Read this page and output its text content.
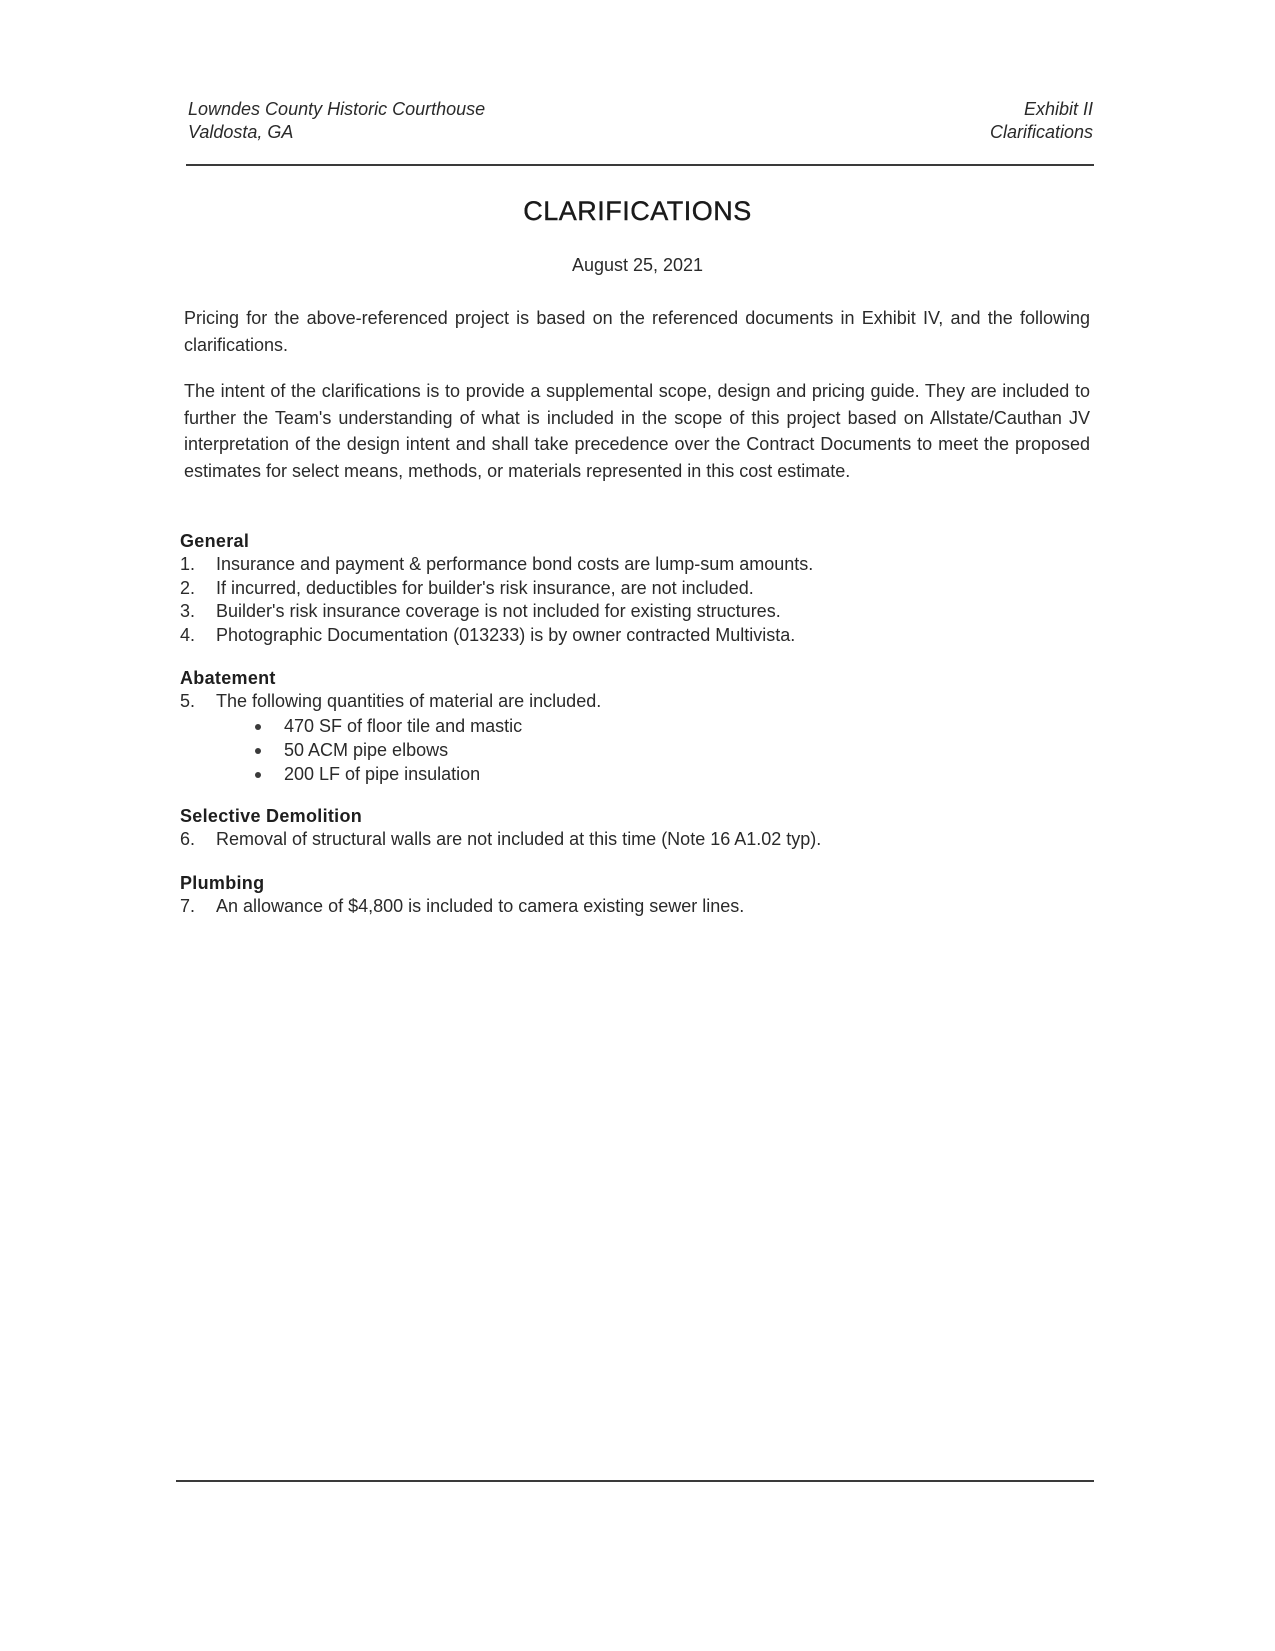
Lowndes County Historic Courthouse
Valdosta, GA
Exhibit II
Clarifications
CLARIFICATIONS
August 25, 2021
Pricing for the above-referenced project is based on the referenced documents in Exhibit IV, and the following clarifications.
The intent of the clarifications is to provide a supplemental scope, design and pricing guide. They are included to further the Team's understanding of what is included in the scope of this project based on Allstate/Cauthan JV interpretation of the design intent and shall take precedence over the Contract Documents to meet the proposed estimates for select means, methods, or materials represented in this cost estimate.
General
1. Insurance and payment & performance bond costs are lump-sum amounts.
2. If incurred, deductibles for builder's risk insurance, are not included.
3. Builder's risk insurance coverage is not included for existing structures.
4. Photographic Documentation (013233) is by owner contracted Multivista.
Abatement
5. The following quantities of material are included.
470 SF of floor tile and mastic
50 ACM pipe elbows
200 LF of pipe insulation
Selective Demolition
6. Removal of structural walls are not included at this time (Note 16 A1.02 typ).
Plumbing
7. An allowance of $4,800 is included to camera existing sewer lines.
